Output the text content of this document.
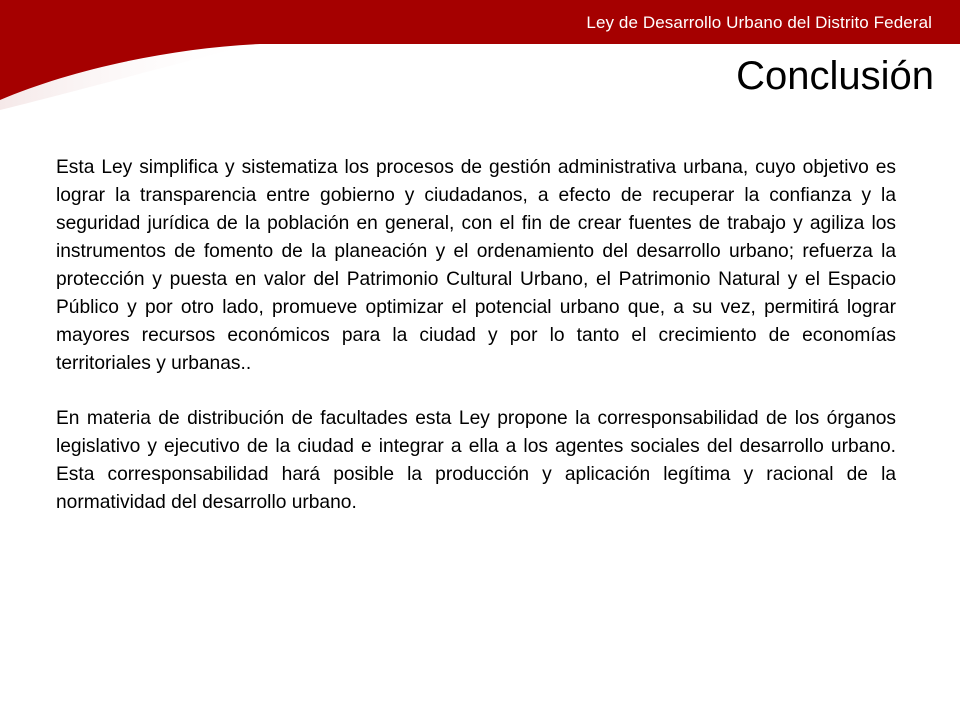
Ley de Desarrollo Urbano del Distrito Federal
Conclusión

Esta Ley simplifica y sistematiza los procesos de gestión administrativa urbana, cuyo objetivo es lograr la transparencia entre gobierno y ciudadanos, a efecto de recuperar la confianza y la seguridad jurídica de la población en general, con el fin de crear fuentes de trabajo y agiliza los instrumentos de fomento de la planeación y el ordenamiento del desarrollo urbano; refuerza la protección y puesta en valor del Patrimonio Cultural Urbano, el Patrimonio Natural y el Espacio Público y por otro lado, promueve optimizar el potencial urbano que, a su vez, permitirá lograr mayores recursos económicos para la ciudad y por lo tanto el crecimiento de economías territoriales y urbanas..

En materia de distribución de facultades esta Ley propone la corresponsabilidad de los órganos legislativo y ejecutivo de la ciudad e integrar a ella a los agentes sociales del desarrollo urbano. Esta corresponsabilidad hará posible la producción y aplicación legítima y racional de la normatividad del desarrollo urbano.
